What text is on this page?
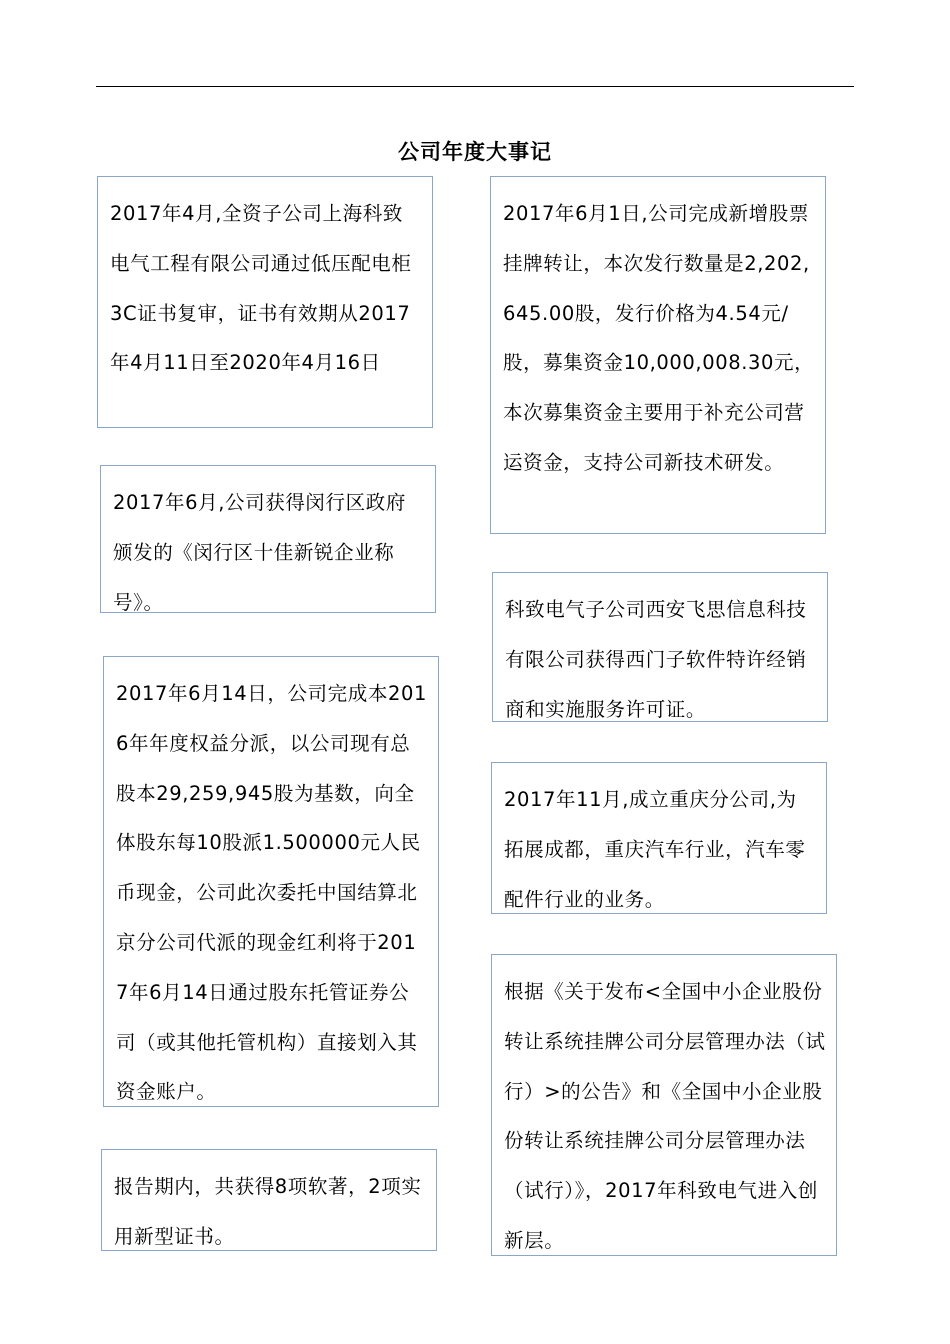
公司年度大事记
2017年4月,全资子公司上海科致电气工程有限公司通过低压配电柜3C证书复审，证书有效期从2017年4月11日至2020年4月16日
2017年6月,公司获得闵行区政府颁发的《闵行区十佳新锐企业称号》。
2017年6月14日，公司完成本2016年年度权益分派，以公司现有总股本29,259,945股为基数，向全体股东每10股派1.500000元人民币现金，公司此次委托中国结算北京分公司代派的现金红利将于2017年6月14日通过股东托管证券公司（或其他托管机构）直接划入其资金账户。
报告期内，共获得8项软著，2项实用新型证书。
2017年6月1日,公司完成新增股票挂牌转让，本次发行数量是2,202,645.00股，发行价格为4.54元/股，募集资金10,000,008.30元，本次募集资金主要用于补充公司营运资金，支持公司新技术研发。
科致电气子公司西安飞思信息科技有限公司获得西门子软件特许经销商和实施服务许可证。
2017年11月,成立重庆分公司,为拓展成都，重庆汽车行业，汽车零配件行业的业务。
根据《关于发布<全国中小企业股份转让系统挂牌公司分层管理办法（试行）>的公告》和《全国中小企业股份转让系统挂牌公司分层管理办法（试行）》，2017年科致电气进入创新层。
